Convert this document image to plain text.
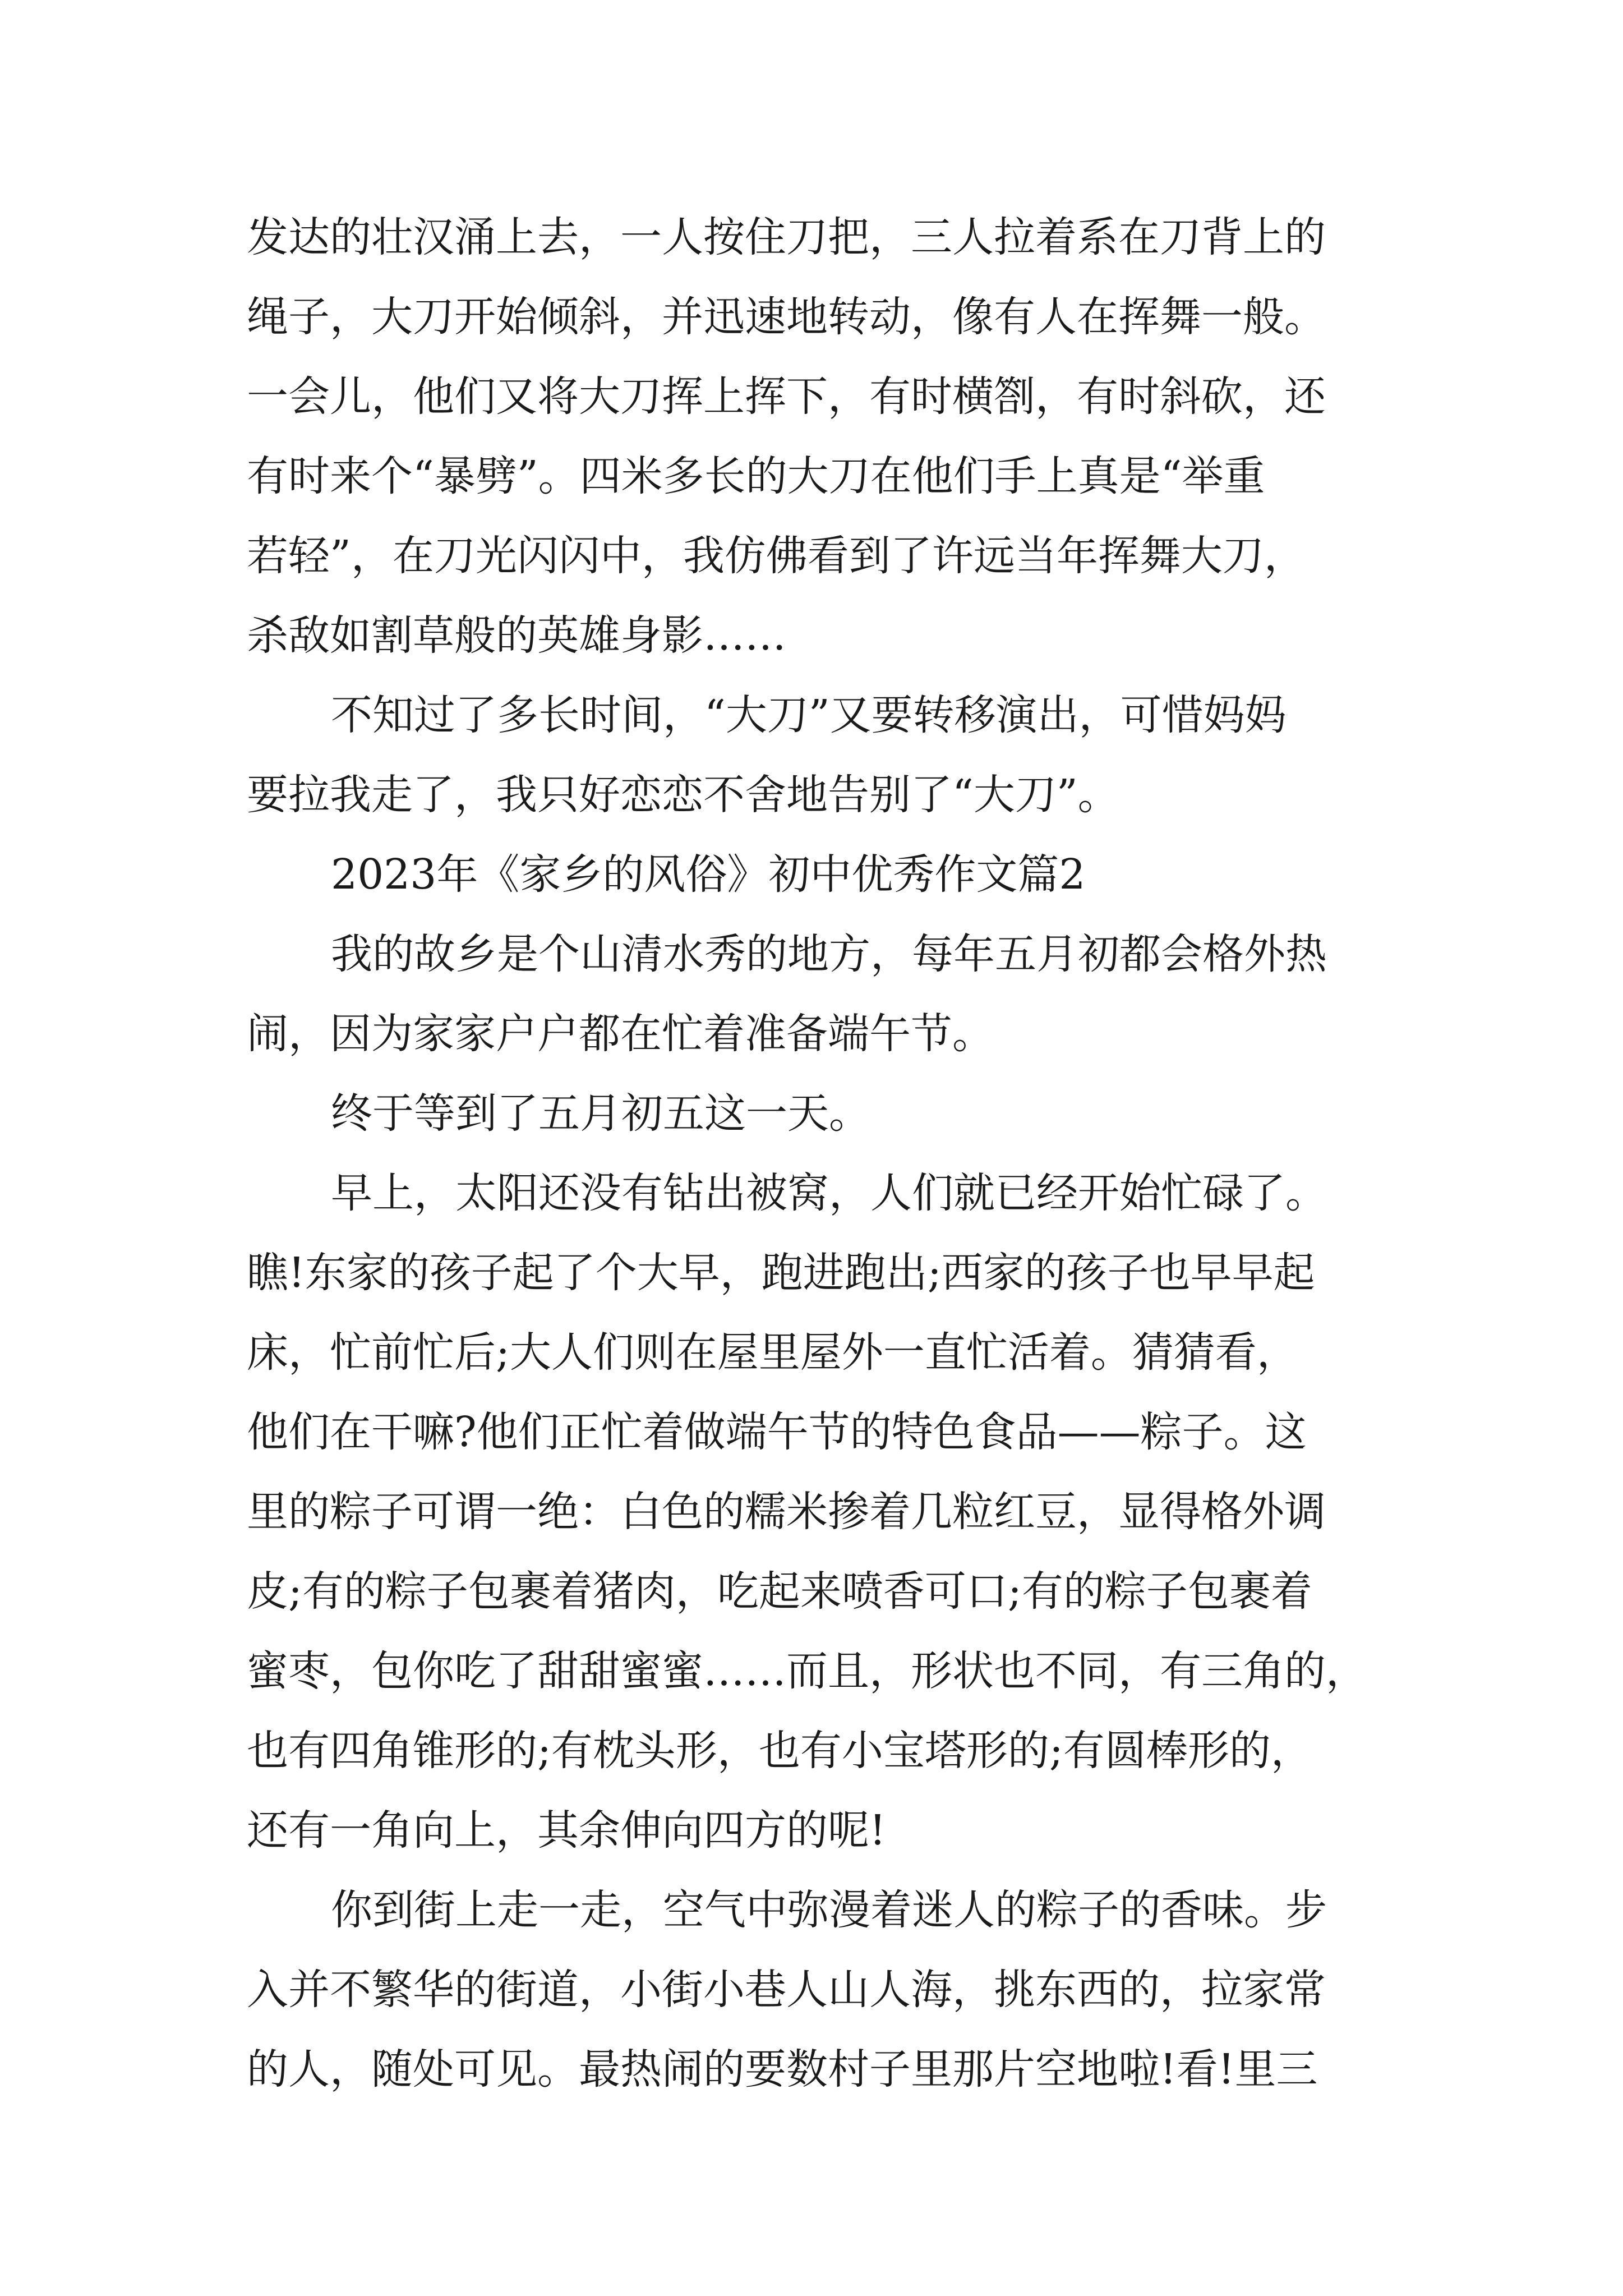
发达的壮汉涌上去，一人按住刀把，三人拉着系在刀背上的
绳子，大刀开始倾斜，并迅速地转动，像有人在挥舞一般。
一会儿，他们又将大刀挥上挥下，有时横劄，有时斜砍，还
有时来个“暴劈”。四米多长的大刀在他们手上真是“举重
若轻”，在刀光闪闪中，我仿佛看到了许远当年挥舞大刀，
杀敌如割草般的英雄身影……
不知过了多长时间，“大刀”又要转移演出，可惜妈妈
要拉我走了，我只好恋恋不舍地告别了“大刀”。
2023年《家乡的风俗》初中优秀作文篇2
我的故乡是个山清水秀的地方，每年五月初都会格外热
闹，因为家家户户都在忙着准备端午节。
终于等到了五月初五这一天。
早上，太阳还没有钻出被窝，人们就已经开始忙碌了。
瞧!东家的孩子起了个大早，跑进跑出;西家的孩子也早早起
床，忙前忙后;大人们则在屋里屋外一直忙活着。猜猜看，
他们在干嘛?他们正忙着做端午节的特色食品——粽子。这
里的粽子可谓一绝：白色的糯米掺着几粒红豆，显得格外调
皮;有的粽子包裹着猪肉，吃起来喷香可口;有的粽子包裹着
蜜枣，包你吃了甜甜蜜蜜……而且，形状也不同，有三角的，
也有四角锥形的;有枕头形，也有小宝塔形的;有圆棒形的，
还有一角向上，其余伸向四方的呢!
你到街上走一走，空气中弥漫着迷人的粽子的香味。步
入并不繁华的街道，小街小巷人山人海，挑东西的，拉家常
的人，随处可见。最热闹的要数村子里那片空地啦!看!里三
